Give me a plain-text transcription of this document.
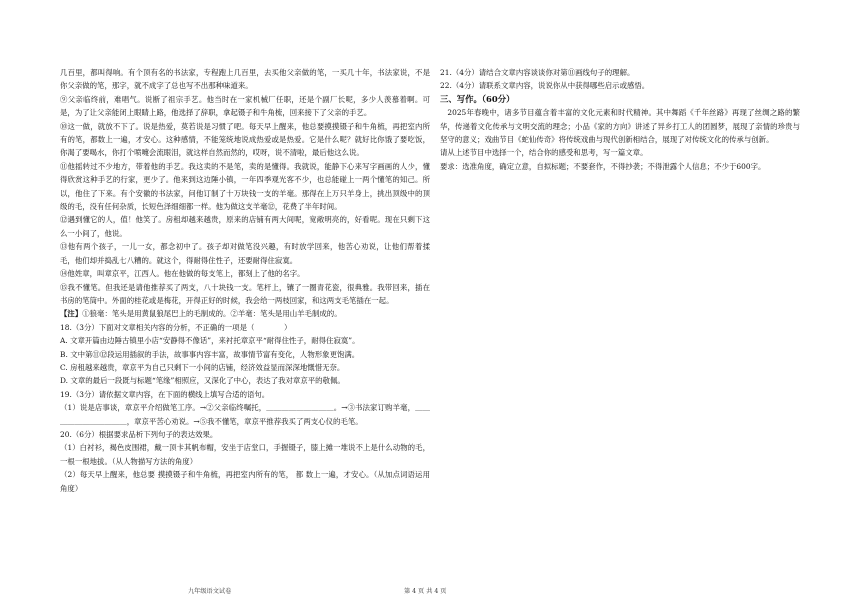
几百里，都叫得响。有个顶有名的书法家，专程跑上几百里，去买他父亲做的笔，一买几十年，书法家说，不是你父亲做的笔，那字，就不成字了总也写不出那种味道来。

⑨父亲临终前，难唱气。说断了祖宗手艺。他当时在一家机械厂任职，还是个副厂长呢，多少人羡慕着啊。可是，为了让父亲能闭上眼睛上路，他选择了辞职，拿起镊子和牛角梳，回来接下了父亲的手艺。

⑩这一做，就放不下了。说是热爱，莫若说是习惯了吧。每天早上醒来，他总要摸摸镊子和牛角梳，再把室内所有的笔，都数上一遍，才安心。这种感情，不能笼统地说成热爱或是热爱。它是什么呢？就好比你饿了要吃饭，你渴了要喝水，你打个喷嚏会流眼泪，就这样自然而然的，哎呀，说不清啦，最后他这么说。

⑪他摇转过不少地方，带着他的手艺。我这卖的不是笔，卖的是懂得。我就说，能静下心来写字画画的人少，懂得欣赏这种手艺的行家，更少了。他来到这边陲小镇，一年四季观光客不少，也总能碰上一两个懂笔的知己。所以，他住了下来。有个安徽的书法家，问他订制了十万块钱一支的羊毫。那得在上万只羊身上，挑出顶级中的顶级的毛，没有任何杂质，长短色泽细细都一样。他为做这支羊毫⑫，花费了半年时间。

⑫遇到懂它的人，值！他笑了。房租却越来越贵，原来的店铺有两大间呢，宽敞明亮的，好看呢。现在只剩下这么一小间了，他说。

⑬他有两个孩子，一儿一女，都念初中了。孩子却对做笔没兴趣，有时放学回来，他苦心劝说，让他们帮着揉毛，他们却并捣乱七八糟的。就这个，得耐得住性子，还要耐得住寂寞。

⑭他姓章，叫章京平，江西人。他在他做的每支笔上，都刻上了他的名字。

⑮我不懂笔。但我还是请他推荐买了两支，八十块钱一支。笔杆上，镶了一圈青花瓷，很典雅。我带回来，插在书房的笔筒中。外面的桂花或是梅花，开得正好的时候，我会给一两枝回家，和这两支毛笔插在一起。

【注】①狼毫：笔头是用黄鼠狼尾巴上的毛制成的。②羊毫：笔头是用山羊毛制成的。

18.（3分）下面对文章相关内容的分析，不正确的一项是（　　　　）

A. 文章开篇由边陲古镇里小店“安静得不像话”，来衬托章京平“耐得住性子，耐得住寂寞”。

B. 文中第⑪⑫段运用插叙的手法，故事事内容丰富，故事情节富有变化，人物形象更饱满。

C. 房租越来越贵，章京平为自己只剩下一小间的店铺，经济效益显而深深地慨惜无奈。

D. 文章的最后一段既与标题“笔缘”相照应，又深化了中心，表达了我对章京平的敬佩。

19.（3分）请依据文章内容，在下面的横线上填写合适的语句。

（1）说是店事谈，章京平介绍做笔工序。→②父亲临终嘱托，＿＿＿＿＿＿＿＿＿。→③书法家订购羊毫，＿＿＿＿＿＿＿＿＿＿＿，章京平苦心劝说。→⑤我不懂笔，章京平推荐我买了两支心仪的毛笔。

20.（6分）根据要求品析下列句子的表达效果。

（1）白衬衫，褐色皮围裙，戴一顶卡其帆布帽，安坐于店堂口，手握镊子，膝上摊一堆说不上是什么动物的毛，一根一根地拔。（从人物描写方法的角度）

（2）每天早上醒来，他总要 摸摸镊子和牛角梳，再把室内所有的笔， 都 数上一遍，才安心。（从加点词语运用角度）

21.（4分）请结合文章内容谈谈你对第⑪画线句子的理解。

22.（4分）请联系文章内容，说说你从中获得哪些启示或感悟。

三、写作。（60分）

2025年春晚中，诸多节目蕴含着丰富的文化元素和时代精神。其中舞蹈《千年丝路》再现了丝绸之路的繁华，传递着文化传承与文明交流的理念；小品《家的方向》讲述了异乡打工人的团圆梦，展现了亲情的珍贵与坚守的意义；戏曲节目《蛇仙传奇》将传统戏曲与现代创新相结合，展现了对传统文化的传承与创新。

请从上述节目中选择一个，结合你的感受和思考，写一篇文章。

要求：选准角度，确定立意，自拟标题；不要套作，不得抄袭；不得泄露个人信息；不少于600字。

九年级语文试卷	第 4 页 共 4 页
